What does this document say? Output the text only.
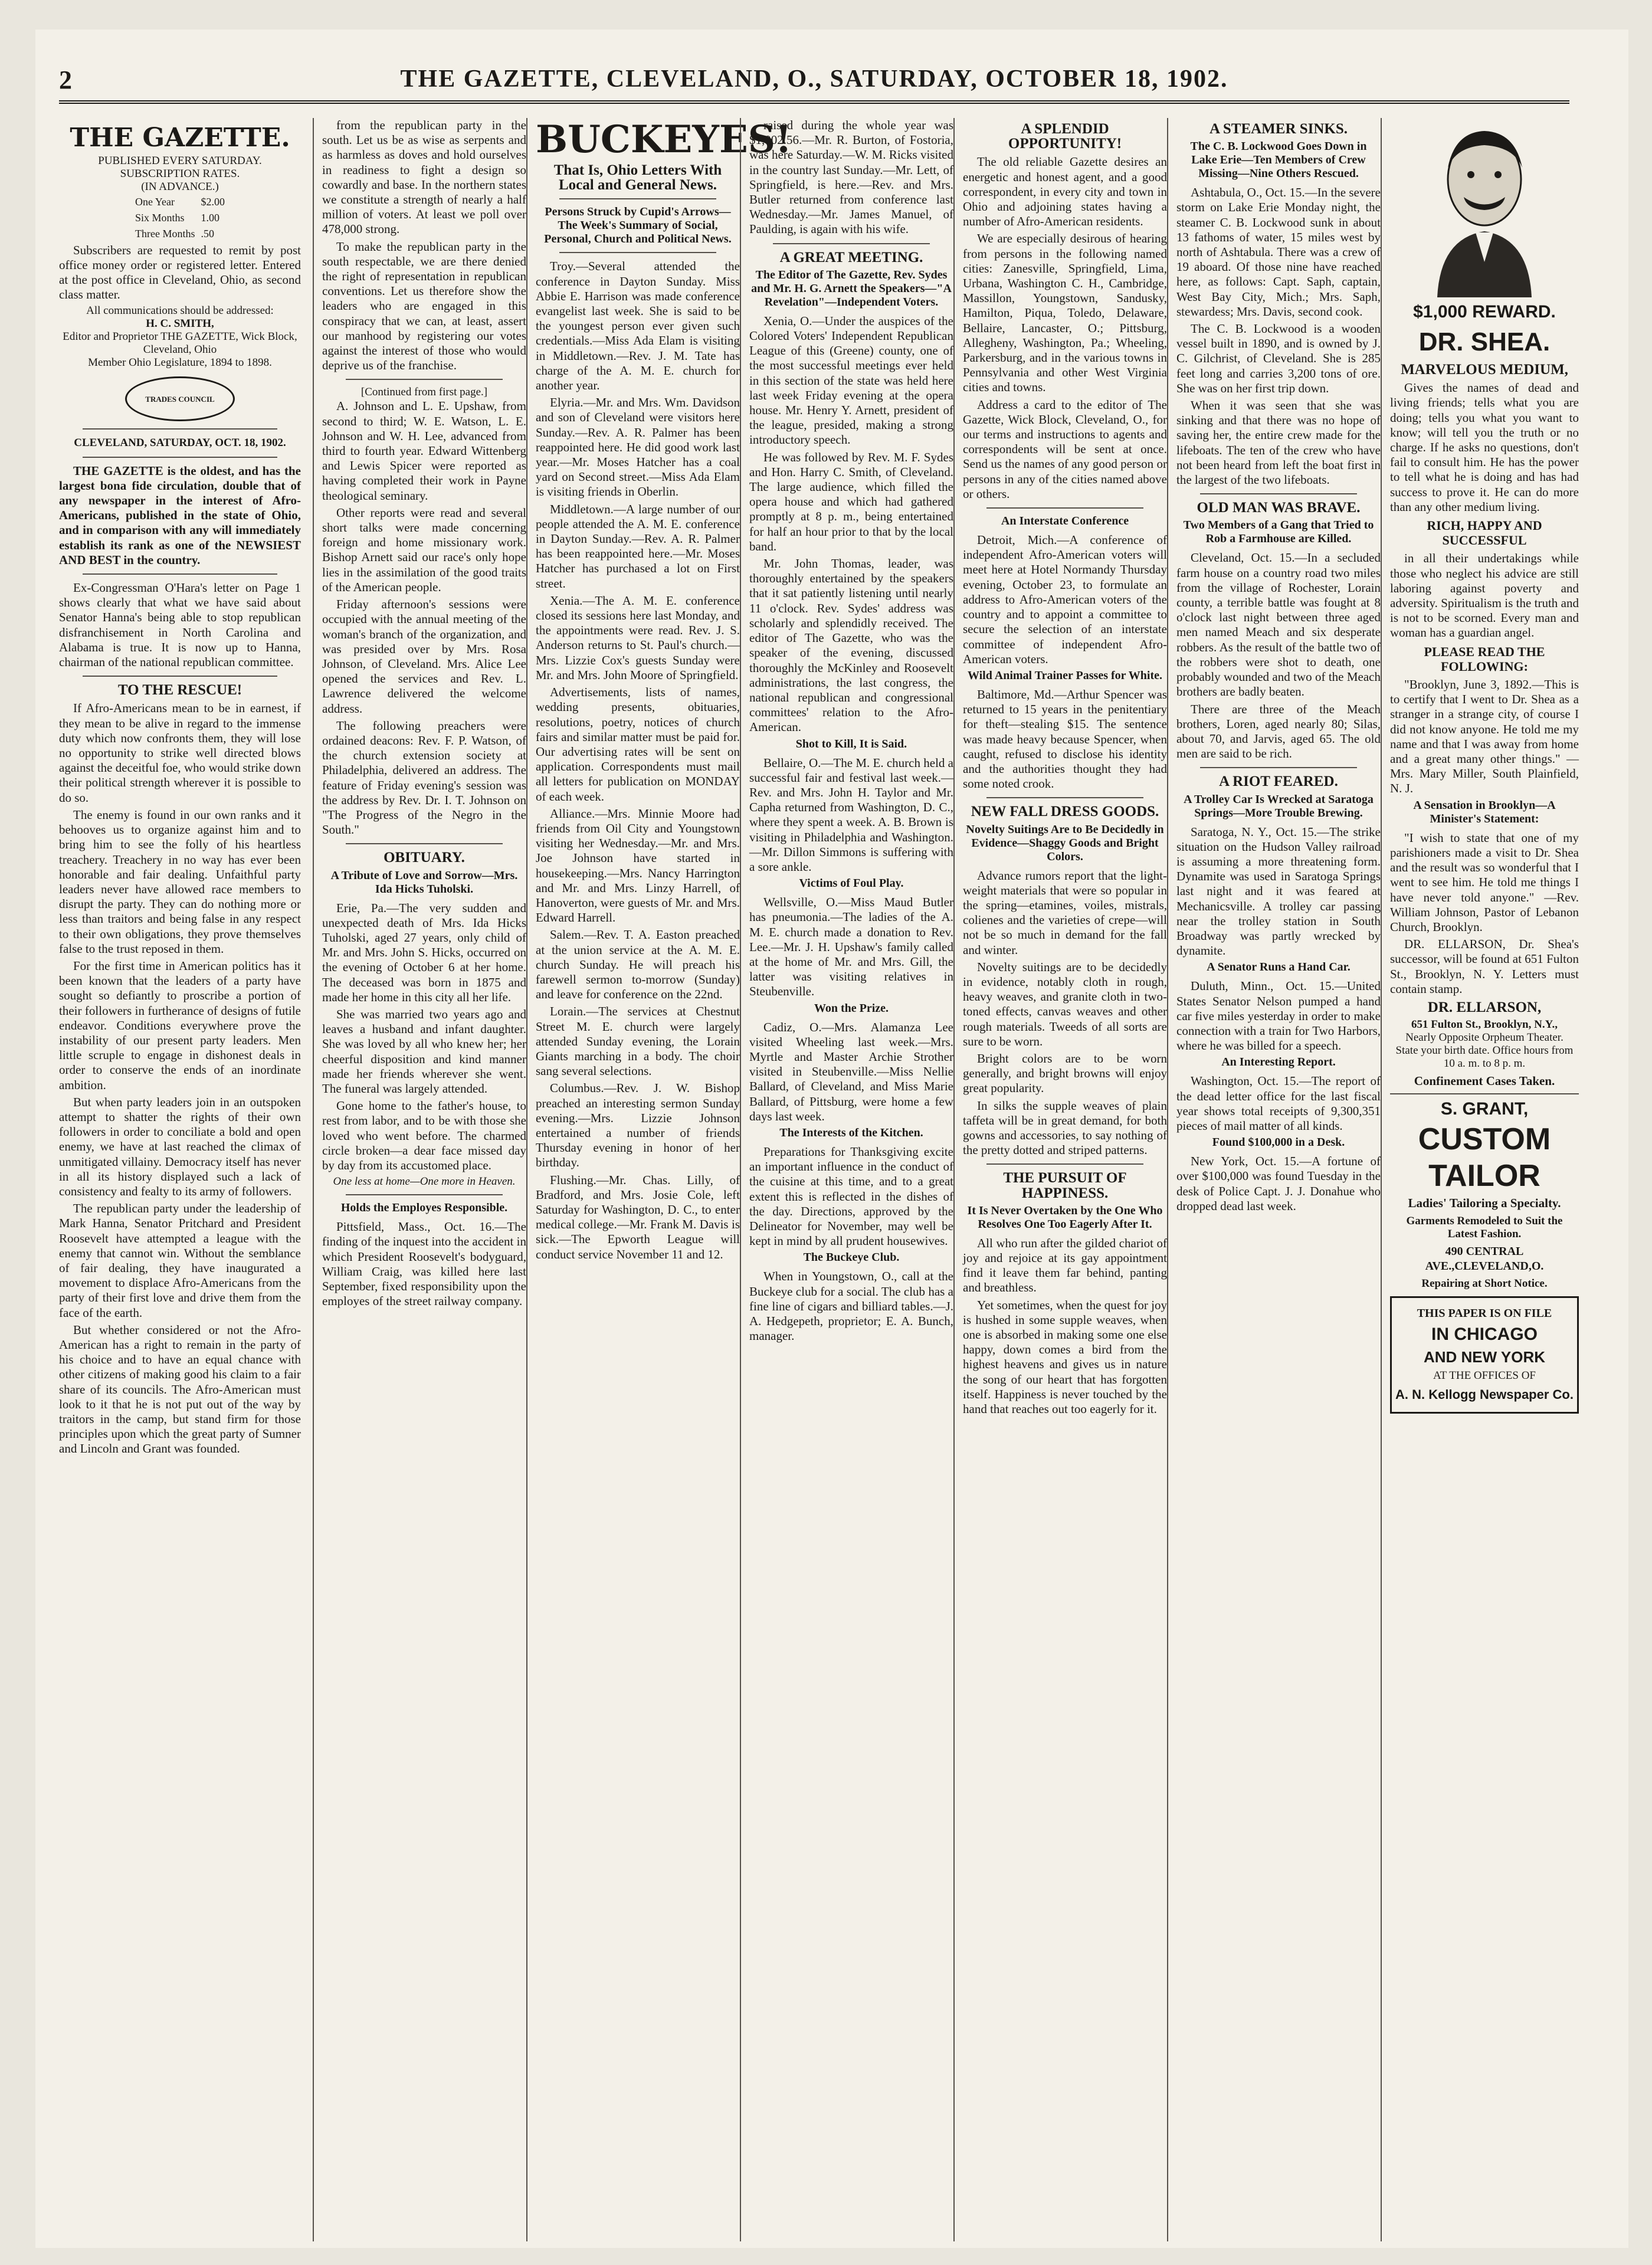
2	THE GAZETTE, CLEVELAND, O., SATURDAY, OCTOBER 18, 1902.
THE GAZETTE.

PUBLISHED EVERY SATURDAY.

SUBSCRIPTION RATES.

(IN ADVANCE.)

One Year	$2.00
Six Months	1.00
Three Months	.50

Subscribers are requested to remit by post office money order or registered letter. Entered at the post office in Cleveland, Ohio, as second class matter.

All communications should be addressed:

H. C. SMITH,

Editor and Proprietor THE GAZETTE, Wick Block, Cleveland, Ohio

Member Ohio Legislature, 1894 to 1898.

TRADES COUNCIL

CLEVELAND, SATURDAY, OCT. 18, 1902.

THE GAZETTE is the oldest, and has the largest bona fide circulation, double that of any newspaper in the interest of Afro-Americans, published in the state of Ohio, and in comparison with any will immediately establish its rank as one of the NEWSIEST AND BEST in the country.

Ex-Congressman O'Hara's letter on Page 1 shows clearly that what we have said about Senator Hanna's being able to stop republican disfranchisement in North Carolina and Alabama is true. It is now up to Hanna, chairman of the national republican committee.

TO THE RESCUE!

If Afro-Americans mean to be in earnest, if they mean to be alive in regard to the immense duty which now confronts them, they will lose no opportunity to strike well directed blows against the deceitful foe, who would strike down their political strength wherever it is possible to do so.

The enemy is found in our own ranks and it behooves us to organize against him and to bring him to see the folly of his heartless treachery. Treachery in no way has ever been honorable and fair dealing. Unfaithful party leaders never have allowed race members to disrupt the party. They can do nothing more or less than traitors and being false in any respect to their own obligations, they prove themselves false to the trust reposed in them.

For the first time in American politics has it been known that the leaders of a party have sought so defiantly to proscribe a portion of their followers in furtherance of designs of futile endeavor. Conditions everywhere prove the instability of our present party leaders. Men little scruple to engage in dishonest deals in order to conserve the ends of an inordinate ambition.

But when party leaders join in an outspoken attempt to shatter the rights of their own followers in order to conciliate a bold and open enemy, we have at last reached the climax of unmitigated villainy. Democracy itself has never in all its history displayed such a lack of consistency and fealty to its army of followers.

The republican party under the leadership of Mark Hanna, Senator Pritchard and President Roosevelt have attempted a league with the enemy that cannot win. Without the semblance of fair dealing, they have inaugurated a movement to displace Afro-Americans from the party of their first love and drive them from the face of the earth.

But whether considered or not the Afro-American has a right to remain in the party of his choice and to have an equal chance with other citizens of making good his claim to a fair share of its councils. The Afro-American must look to it that he is not put out of the way by traitors in the camp, but stand firm for those principles upon which the great party of Sumner and Lincoln and Grant was founded.

from the republican party in the south. Let us be as wise as serpents and as harmless as doves and hold ourselves in readiness to fight a design so cowardly and base. In the northern states we constitute a strength of nearly a half million of voters. At least we poll over 478,000 strong.

To make the republican party in the south respectable, we are there denied the right of representation in republican conventions. Let us therefore show the leaders who are engaged in this conspiracy that we can, at least, assert our manhood by registering our votes against the interest of those who would deprive us of the franchise.

[Continued from first page.]

A. Johnson and L. E. Upshaw, from second to third; W. E. Watson, L. E. Johnson and W. H. Lee, advanced from third to fourth year. Edward Wittenberg and Lewis Spicer were reported as having completed their work in Payne theological seminary.

Other reports were read and several short talks were made concerning foreign and home missionary work. Bishop Arnett said our race's only hope lies in the assimilation of the good traits of the American people.

Friday afternoon's sessions were occupied with the annual meeting of the woman's branch of the organization, and was presided over by Mrs. Rosa Johnson, of Cleveland. Mrs. Alice Lee opened the services and Rev. L. Lawrence delivered the welcome address.

The following preachers were ordained deacons: Rev. F. P. Watson, of the church extension society at Philadelphia, delivered an address. The feature of Friday evening's session was the address by Rev. Dr. I. T. Johnson on "The Progress of the Negro in the South."

OBITUARY.

A Tribute of Love and Sorrow—Mrs. Ida Hicks Tuholski.

Erie, Pa.—The very sudden and unexpected death of Mrs. Ida Hicks Tuholski, aged 27 years, only child of Mr. and Mrs. John S. Hicks, occurred on the evening of October 6 at her home. The deceased was born in 1875 and made her home in this city all her life.

She was married two years ago and leaves a husband and infant daughter. She was loved by all who knew her; her cheerful disposition and kind manner made her friends wherever she went. The funeral was largely attended.

Gone home to the father's house, to rest from labor, and to be with those she loved who went before. The charmed circle broken—a dear face missed day by day from its accustomed place.

One less at home—One more in Heaven.

Holds the Employes Responsible.

Pittsfield, Mass., Oct. 16.—The finding of the inquest into the accident in which President Roosevelt's bodyguard, William Craig, was killed here last September, fixed responsibility upon the employes of the street railway company.

BUCKEYES!

That Is, Ohio Letters With Local and General News.

Persons Struck by Cupid's Arrows—The Week's Summary of Social, Personal, Church and Political News.

Troy.—Several attended the conference in Dayton Sunday. Miss Abbie E. Harrison was made conference evangelist last week. She is said to be the youngest person ever given such credentials.—Miss Ada Elam is visiting in Middletown.—Rev. J. M. Tate has charge of the A. M. E. church for another year.

Elyria.—Mr. and Mrs. Wm. Davidson and son of Cleveland were visitors here Sunday.—Rev. A. R. Palmer has been reappointed here. He did good work last year.—Mr. Moses Hatcher has a coal yard on Second street.—Miss Ada Elam is visiting friends in Oberlin.

Middletown.—A large number of our people attended the A. M. E. conference in Dayton Sunday.—Rev. A. R. Palmer has been reappointed here.—Mr. Moses Hatcher has purchased a lot on First street.

Xenia.—The A. M. E. conference closed its sessions here last Monday, and the appointments were read. Rev. J. S. Anderson returns to St. Paul's church.—Mrs. Lizzie Cox's guests Sunday were Mr. and Mrs. John Moore of Springfield.

Advertisements, lists of names, wedding presents, obituaries, resolutions, poetry, notices of church fairs and similar matter must be paid for. Our advertising rates will be sent on application. Correspondents must mail all letters for publication on MONDAY of each week.

Alliance.—Mrs. Minnie Moore had friends from Oil City and Youngstown visiting her Wednesday.—Mr. and Mrs. Joe Johnson have started in housekeeping.—Mrs. Nancy Harrington and Mr. and Mrs. Linzy Harrell, of Hanoverton, were guests of Mr. and Mrs. Edward Harrell.

Salem.—Rev. T. A. Easton preached at the union service at the A. M. E. church Sunday. He will preach his farewell sermon to-morrow (Sunday) and leave for conference on the 22nd.

Lorain.—The services at Chestnut Street M. E. church were largely attended Sunday evening, the Lorain Giants marching in a body. The choir sang several selections.

Columbus.—Rev. J. W. Bishop preached an interesting sermon Sunday evening.—Mrs. Lizzie Johnson entertained a number of friends Thursday evening in honor of her birthday.

Flushing.—Mr. Chas. Lilly, of Bradford, and Mrs. Josie Cole, left Saturday for Washington, D. C., to enter medical college.—Mr. Frank M. Davis is sick.—The Epworth League will conduct service November 11 and 12.

raised during the whole year was $1,002.56.—Mr. R. Burton, of Fostoria, was here Saturday.—W. M. Ricks visited in the country last Sunday.—Mr. Lett, of Springfield, is here.—Rev. and Mrs. Butler returned from conference last Wednesday.—Mr. James Manuel, of Paulding, is again with his wife.

A GREAT MEETING.

The Editor of The Gazette, Rev. Sydes and Mr. H. G. Arnett the Speakers—"A Revelation"—Independent Voters.

Xenia, O.—Under the auspices of the Colored Voters' Independent Republican League of this (Greene) county, one of the most successful meetings ever held in this section of the state was held here last week Friday evening at the opera house. Mr. Henry Y. Arnett, president of the league, presided, making a strong introductory speech.

He was followed by Rev. M. F. Sydes and Hon. Harry C. Smith, of Cleveland. The large audience, which filled the opera house and which had gathered promptly at 8 p. m., being entertained for half an hour prior to that by the local band.

Mr. John Thomas, leader, was thoroughly entertained by the speakers that it sat patiently listening until nearly 11 o'clock. Rev. Sydes' address was scholarly and splendidly received. The editor of The Gazette, who was the speaker of the evening, discussed thoroughly the McKinley and Roosevelt administrations, the last congress, the national republican and congressional committees' relation to the Afro-American.

Shot to Kill, It is Said.

Bellaire, O.—The M. E. church held a successful fair and festival last week.—Rev. and Mrs. John H. Taylor and Mr. Capha returned from Washington, D. C., where they spent a week. A. B. Brown is visiting in Philadelphia and Washington.—Mr. Dillon Simmons is suffering with a sore ankle.

Victims of Foul Play.

Wellsville, O.—Miss Maud Butler has pneumonia.—The ladies of the A. M. E. church made a donation to Rev. Lee.—Mr. J. H. Upshaw's family called at the home of Mr. and Mrs. Gill, the latter was visiting relatives in Steubenville.

Won the Prize.

Cadiz, O.—Mrs. Alamanza Lee visited Wheeling last week.—Mrs. Myrtle and Master Archie Strother visited in Steubenville.—Miss Nellie Ballard, of Cleveland, and Miss Marie Ballard, of Pittsburg, were home a few days last week.

The Interests of the Kitchen.

Preparations for Thanksgiving excite an important influence in the conduct of the cuisine at this time, and to a great extent this is reflected in the dishes of the day. Directions, approved by the Delineator for November, may well be kept in mind by all prudent housewives.

The Buckeye Club.

When in Youngstown, O., call at the Buckeye club for a social. The club has a fine line of cigars and billiard tables.—J. A. Hedgepeth, proprietor; E. A. Bunch, manager.

A SPLENDID OPPORTUNITY!

The old reliable Gazette desires an energetic and honest agent, and a good correspondent, in every city and town in Ohio and adjoining states having a number of Afro-American residents.

We are especially desirous of hearing from persons in the following named cities: Zanesville, Springfield, Lima, Urbana, Washington C. H., Cambridge, Massillon, Youngstown, Sandusky, Hamilton, Piqua, Toledo, Delaware, Bellaire, Lancaster, O.; Pittsburg, Allegheny, Washington, Pa.; Wheeling, Parkersburg, and in the various towns in Pennsylvania and other West Virginia cities and towns.

Address a card to the editor of The Gazette, Wick Block, Cleveland, O., for our terms and instructions to agents and correspondents will be sent at once. Send us the names of any good person or persons in any of the cities named above or others.

An Interstate Conference

Detroit, Mich.—A conference of independent Afro-American voters will meet here at Hotel Normandy Thursday evening, October 23, to formulate an address to Afro-American voters of the country and to appoint a committee to secure the selection of an interstate committee of independent Afro-American voters.

Wild Animal Trainer Passes for White.

Baltimore, Md.—Arthur Spencer was returned to 15 years in the penitentiary for theft—stealing $15. The sentence was made heavy because Spencer, when caught, refused to disclose his identity and the authorities thought they had some noted crook.

NEW FALL DRESS GOODS.

Novelty Suitings Are to Be Decidedly in Evidence—Shaggy Goods and Bright Colors.

Advance rumors report that the light-weight materials that were so popular in the spring—etamines, voiles, mistrals, colienes and the varieties of crepe—will not be so much in demand for the fall and winter.

Novelty suitings are to be decidedly in evidence, notably cloth in rough, heavy weaves, and granite cloth in two-toned effects, canvas weaves and other rough materials. Tweeds of all sorts are sure to be worn.

Bright colors are to be worn generally, and bright browns will enjoy great popularity.

In silks the supple weaves of plain taffeta will be in great demand, for both gowns and accessories, to say nothing of the pretty dotted and striped patterns.

THE PURSUIT OF HAPPINESS.

It Is Never Overtaken by the One Who Resolves One Too Eagerly After It.

All who run after the gilded chariot of joy and rejoice at its gay appointment find it leave them far behind, panting and breathless.

Yet sometimes, when the quest for joy is hushed in some supple weaves, when one is absorbed in making some one else happy, down comes a bird from the highest heavens and gives us in nature the song of our heart that has forgotten itself. Happiness is never touched by the hand that reaches out too eagerly for it.

A STEAMER SINKS.

The C. B. Lockwood Goes Down in Lake Erie—Ten Members of Crew Missing—Nine Others Rescued.

Ashtabula, O., Oct. 15.—In the severe storm on Lake Erie Monday night, the steamer C. B. Lockwood sunk in about 13 fathoms of water, 15 miles west by north of Ashtabula. There was a crew of 19 aboard. Of those nine have reached here, as follows: Capt. Saph, captain, West Bay City, Mich.; Mrs. Saph, stewardess; Mrs. Davis, second cook.

The C. B. Lockwood is a wooden vessel built in 1890, and is owned by J. C. Gilchrist, of Cleveland. She is 285 feet long and carries 3,200 tons of ore. She was on her first trip down.

When it was seen that she was sinking and that there was no hope of saving her, the entire crew made for the lifeboats. The ten of the crew who have not been heard from left the boat first in the largest of the two lifeboats.

OLD MAN WAS BRAVE.

Two Members of a Gang that Tried to Rob a Farmhouse are Killed.

Cleveland, Oct. 15.—In a secluded farm house on a country road two miles from the village of Rochester, Lorain county, a terrible battle was fought at 8 o'clock last night between three aged men named Meach and six desperate robbers. As the result of the battle two of the robbers were shot to death, one probably wounded and two of the Meach brothers are badly beaten.

There are three of the Meach brothers, Loren, aged nearly 80; Silas, about 70, and Jarvis, aged 65. The old men are said to be rich.

A RIOT FEARED.

A Trolley Car Is Wrecked at Saratoga Springs—More Trouble Brewing.

Saratoga, N. Y., Oct. 15.—The strike situation on the Hudson Valley railroad is assuming a more threatening form. Dynamite was used in Saratoga Springs last night and it was feared at Mechanicsville. A trolley car passing near the trolley station in South Broadway was partly wrecked by dynamite.

A Senator Runs a Hand Car.

Duluth, Minn., Oct. 15.—United States Senator Nelson pumped a hand car five miles yesterday in order to make connection with a train for Two Harbors, where he was billed for a speech.

An Interesting Report.

Washington, Oct. 15.—The report of the dead letter office for the last fiscal year shows total receipts of 9,300,351 pieces of mail matter of all kinds.

Found $100,000 in a Desk.

New York, Oct. 15.—A fortune of over $100,000 was found Tuesday in the desk of Police Capt. J. J. Donahue who dropped dead last week.

$1,000 REWARD.
DR. SHEA.

MARVELOUS MEDIUM,

Gives the names of dead and living friends; tells what you are doing; tells you what you want to know; will tell you the truth or no charge. If he asks no questions, don't fail to consult him. He has the power to tell what he is doing and has had success to prove it. He can do more than any other medium living.

RICH, HAPPY AND SUCCESSFUL

in all their undertakings while those who neglect his advice are still laboring against poverty and adversity. Spiritualism is the truth and is not to be scorned. Every man and woman has a guardian angel.

PLEASE READ THE FOLLOWING:

"Brooklyn, June 3, 1892.—This is to certify that I went to Dr. Shea as a stranger in a strange city, of course I did not know anyone. He told me my name and that I was away from home and a great many other things." —Mrs. Mary Miller, South Plainfield, N. J.

A Sensation in Brooklyn—A Minister's Statement:

"I wish to state that one of my parishioners made a visit to Dr. Shea and the result was so wonderful that I went to see him. He told me things I have never told anyone." —Rev. William Johnson, Pastor of Lebanon Church, Brooklyn.

DR. ELLARSON, Dr. Shea's successor, will be found at 651 Fulton St., Brooklyn, N. Y. Letters must contain stamp.

DR. ELLARSON,

651 Fulton St., Brooklyn, N.Y.,

Nearly Opposite Orpheum Theater.

State your birth date. Office hours from 10 a. m. to 8 p. m.

Confinement Cases Taken.

S. GRANT,
CUSTOM
TAILOR

Ladies' Tailoring a Specialty.

Garments Remodeled to Suit the Latest Fashion.

490 CENTRAL AVE.,CLEVELAND,O.

Repairing at Short Notice.

THIS PAPER IS ON FILE

IN CHICAGO
AND NEW YORK

AT THE OFFICES OF

A. N. Kellogg Newspaper Co.
